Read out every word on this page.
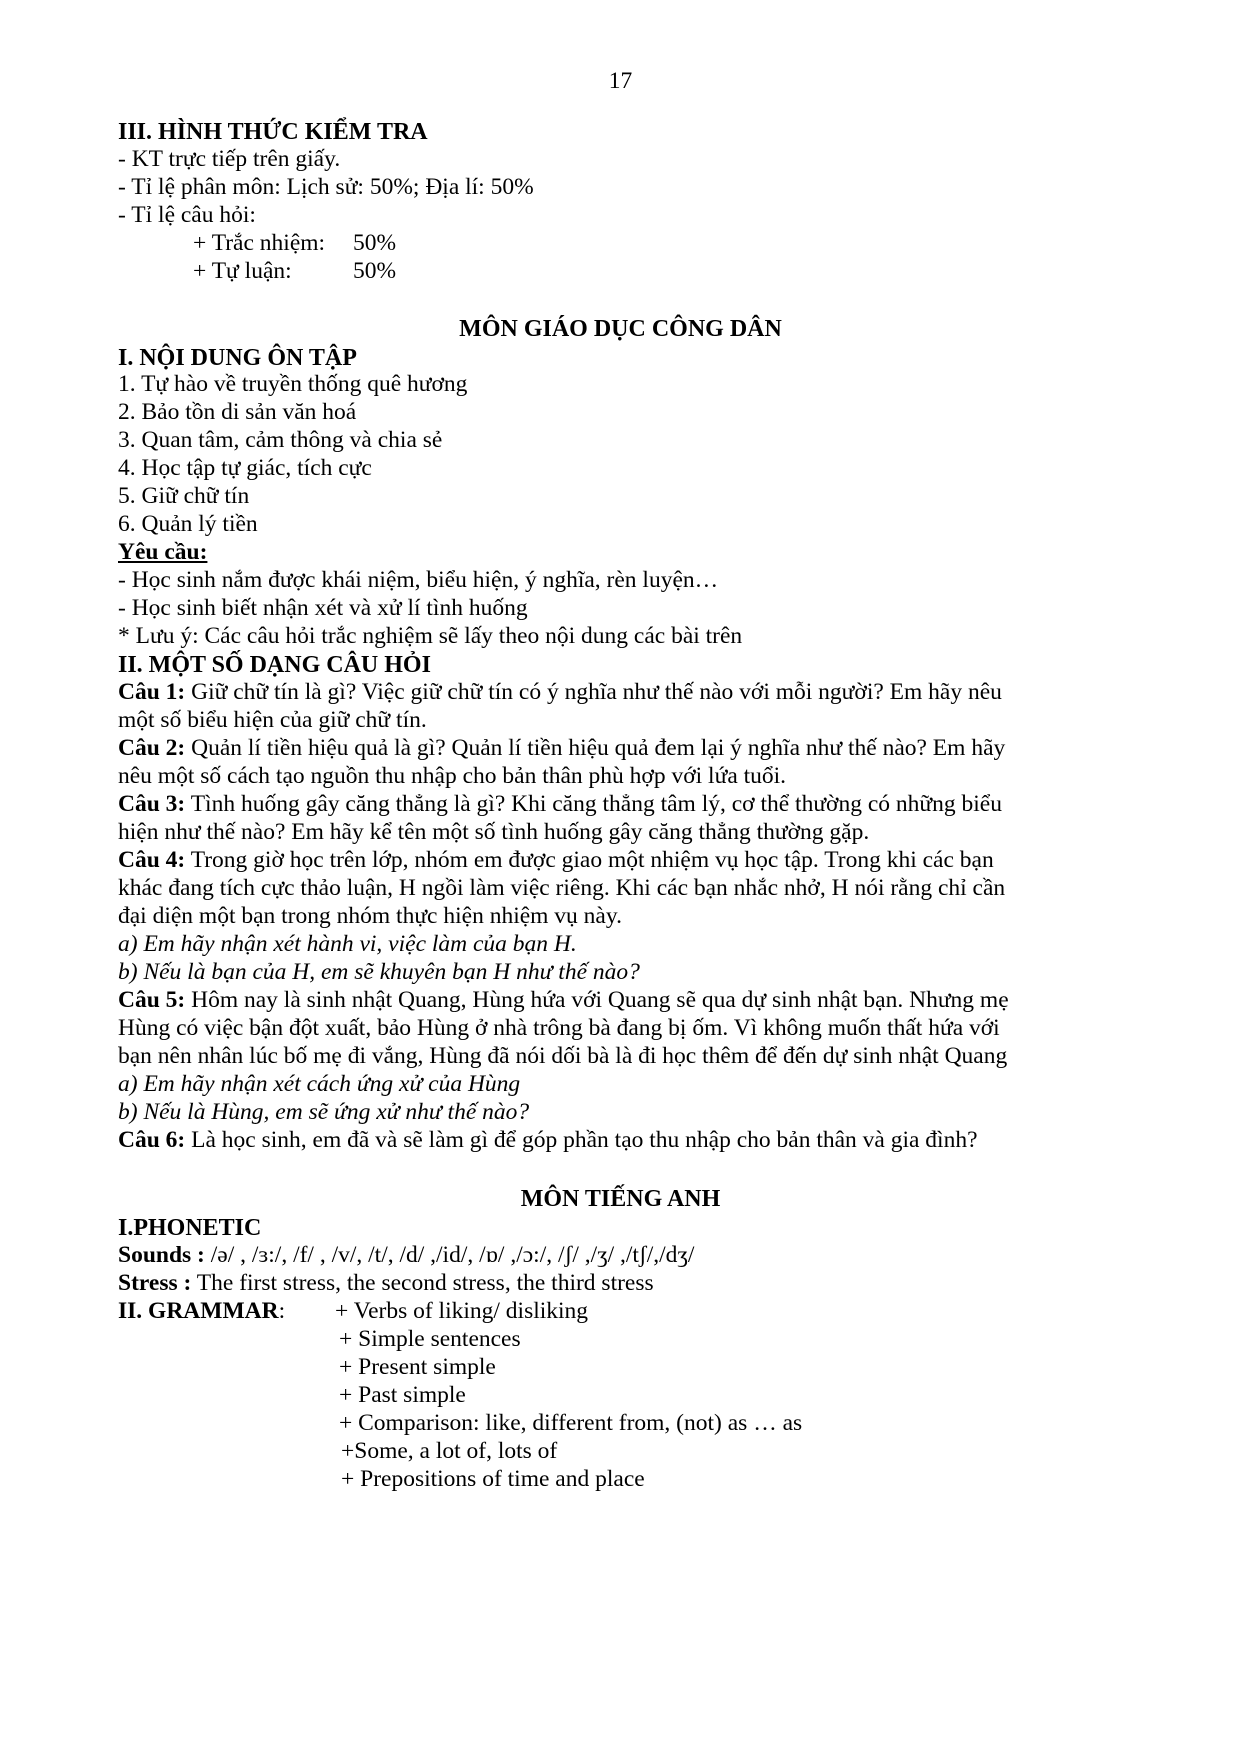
17
III. HÌNH THỨC KIỂM TRA
- KT trực tiếp trên giấy.
- Tỉ lệ phân môn: Lịch sử: 50%; Địa lí: 50%
- Tỉ lệ câu hỏi:
+ Trắc nhiệm: 50%
+ Tự luận:	50%
MÔN GIÁO DỤC CÔNG DÂN
I. NỘI DUNG ÔN TẬP
1. Tự hào về truyền thống quê hương
2. Bảo tồn di sản văn hoá
3. Quan tâm, cảm thông và chia sẻ
4. Học tập tự giác, tích cực
5. Giữ chữ tín
6. Quản lý tiền
Yêu cầu:
- Học sinh nắm được khái niệm, biểu hiện, ý nghĩa, rèn luyện…
- Học sinh biết nhận xét và xử lí tình huống
* Lưu ý: Các câu hỏi trắc nghiệm sẽ lấy theo nội dung các bài trên
II. MỘT SỐ DẠNG CÂU HỎI
Câu 1: Giữ chữ tín là gì? Việc giữ chữ tín có ý nghĩa như thế nào với mỗi người? Em hãy nêu
một số biểu hiện của giữ chữ tín.
Câu 2: Quản lí tiền hiệu quả là gì? Quản lí tiền hiệu quả đem lại ý nghĩa như thế nào? Em hãy
nêu một số cách tạo nguồn thu nhập cho bản thân phù hợp với lứa tuổi.
Câu 3: Tình huống gây căng thẳng là gì? Khi căng thẳng tâm lý, cơ thể thường có những biểu
hiện như thế nào? Em hãy kể tên một số tình huống gây căng thẳng thường gặp.
Câu 4: Trong giờ học trên lớp, nhóm em được giao một nhiệm vụ học tập. Trong khi các bạn
khác đang tích cực thảo luận, H ngồi làm việc riêng. Khi các bạn nhắc nhở, H nói rằng chỉ cần
đại diện một bạn trong nhóm thực hiện nhiệm vụ này.
a) Em hãy nhận xét hành vi, việc làm của bạn H.
b) Nếu là bạn của H, em sẽ khuyên bạn H như thế nào?
Câu 5: Hôm nay là sinh nhật Quang, Hùng hứa với Quang sẽ qua dự sinh nhật bạn. Nhưng mẹ
Hùng có việc bận đột xuất, bảo Hùng ở nhà trông bà đang bị ốm. Vì không muốn thất hứa với
bạn nên nhân lúc bố mẹ đi vắng, Hùng đã nói dối bà là đi học thêm để đến dự sinh nhật Quang
a) Em hãy nhận xét cách ứng xử của Hùng
b) Nếu là Hùng, em sẽ ứng xử như thế nào?
Câu 6: Là học sinh, em đã và sẽ làm gì để góp phần tạo thu nhập cho bản thân và gia đình?
MÔN TIẾNG ANH
I.PHONETIC
Sounds : /ə/ , /ɜ:/, /f/ , /v/, /t/, /d/ ,/id/, /ɒ/ ,/ɔ:/, /ʃ/ ,/ʒ/ ,/tʃ/,/dʒ/
Stress : The first stress, the second stress, the third stress
II. GRAMMAR: + Verbs of liking/ disliking
+ Simple sentences
+ Present simple
+ Past simple
+ Comparison: like, different from, (not) as … as
+Some, a lot of, lots of
+ Prepositions of time and place
